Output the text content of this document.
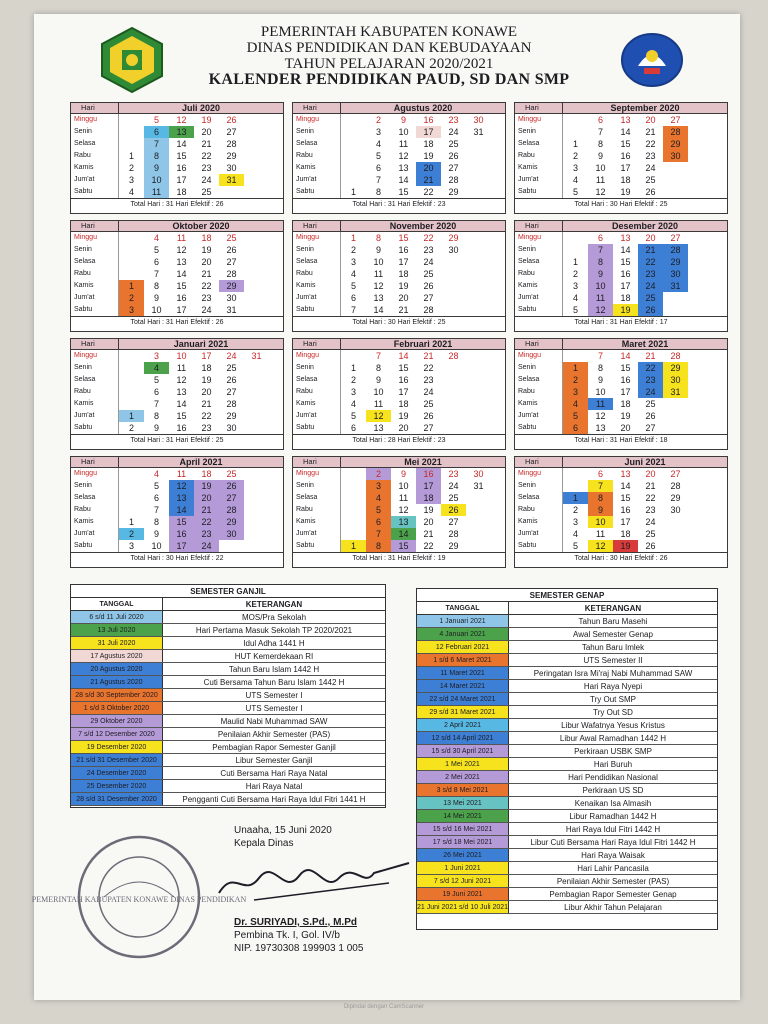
PEMERINTAH KABUPATEN KONAWE
DINAS PENDIDIKAN DAN KEBUDAYAAN
TAHUN PELAJARAN 2020/2021
KALENDER PENDIDIKAN PAUD, SD DAN SMP
Hari	Juli 2020
Minggu	5	12	19	26
Senin	6	13	20	27
Selasa	7	14	21	28
Rabu	1	8	15	22	29
Kamis	2	9	16	23	30
Jum'at	3	10	17	24	31
Sabtu	4	11	18	25
Total Hari : 31 Hari Efektif : 26
Hari	Agustus 2020
Minggu	2	9	16	23	30
Senin	3	10	17	24	31
Selasa	4	11	18	25
Rabu	5	12	19	26
Kamis	6	13	20	27
Jum'at	7	14	21	28
Sabtu	1	8	15	22	29
Total Hari : 31 Hari Efektif : 23
Hari	September 2020
Minggu	6	13	20	27
Senin	7	14	21	28
Selasa	1	8	15	22	29
Rabu	2	9	16	23	30
Kamis	3	10	17	24
Jum'at	4	11	18	25
Sabtu	5	12	19	26
Total Hari : 30 Hari Efektif : 25
Hari	Oktober 2020
Minggu	4	11	18	25
Senin	5	12	19	26
Selasa	6	13	20	27
Rabu	7	14	21	28
Kamis	1	8	15	22	29
Jum'at	2	9	16	23	30
Sabtu	3	10	17	24	31
Total Hari : 31 Hari Efektif : 26
Hari	November 2020
Minggu	1	8	15	22	29
Senin	2	9	16	23	30
Selasa	3	10	17	24
Rabu	4	11	18	25
Kamis	5	12	19	26
Jum'at	6	13	20	27
Sabtu	7	14	21	28
Total Hari : 30 Hari Efektif : 25
Hari	Desember 2020
Minggu	6	13	20	27
Senin	7	14	21	28
Selasa	1	8	15	22	29
Rabu	2	9	16	23	30
Kamis	3	10	17	24	31
Jum'at	4	11	18	25
Sabtu	5	12	19	26
Total Hari : 31 Hari Efektif : 17
Hari	Januari 2021
Minggu	3	10	17	24	31
Senin	4	11	18	25
Selasa	5	12	19	26
Rabu	6	13	20	27
Kamis	7	14	21	28
Jum'at	1	8	15	22	29
Sabtu	2	9	16	23	30
Total Hari : 31 Hari Efektif : 25
Hari	Februari 2021
Minggu	7	14	21	28
Senin	1	8	15	22
Selasa	2	9	16	23
Rabu	3	10	17	24
Kamis	4	11	18	25
Jum'at	5	12	19	26
Sabtu	6	13	20	27
Total Hari : 28 Hari Efektif : 23
Hari	Maret 2021
Minggu	7	14	21	28
Senin	1	8	15	22	29
Selasa	2	9	16	23	30
Rabu	3	10	17	24	31
Kamis	4	11	18	25
Jum'at	5	12	19	26
Sabtu	6	13	20	27
Total Hari : 31 Hari Efektif : 18
Hari	April 2021
Minggu	4	11	18	25
Senin	5	12	19	26
Selasa	6	13	20	27
Rabu	7	14	21	28
Kamis	1	8	15	22	29
Jum'at	2	9	16	23	30
Sabtu	3	10	17	24
Total Hari : 30 Hari Efektif : 22
Hari	Mei 2021
Minggu	2	9	16	23	30
Senin	3	10	17	24	31
Selasa	4	11	18	25
Rabu	5	12	19	26
Kamis	6	13	20	27
Jum'at	7	14	21	28
Sabtu	1	8	15	22	29
Total Hari : 31 Hari Efektif : 19
Hari	Juni 2021
Minggu	6	13	20	27
Senin	7	14	21	28
Selasa	1	8	15	22	29
Rabu	2	9	16	23	30
Kamis	3	10	17	24
Jum'at	4	11	18	25
Sabtu	5	12	19	26
Total Hari : 30 Hari Efektif : 26
SEMESTER GANJIL
TANGGAL	KETERANGAN
6 s/d 11 Juli 2020	MOS/Pra Sekolah
13 Juli 2020	Hari Pertama Masuk Sekolah TP 2020/2021
31 Juli 2020	Idul Adha 1441 H
17 Agustus 2020	HUT Kemerdekaan RI
20 Agustus 2020	Tahun Baru Islam 1442 H
21 Agustus 2020	Cuti Bersama Tahun Baru Islam 1442 H
28 s/d 30 September 2020	UTS Semester I
1 s/d 3 Oktober 2020	UTS Semester I
29 Oktober 2020	Maulid Nabi Muhammad SAW
7 s/d 12 Desember 2020	Penilaian Akhir Semester (PAS)
19 Desember 2020	Pembagian Rapor Semester Ganjil
21 s/d 31 Desember 2020	Libur Semester Ganjil
24 Desember 2020	Cuti Bersama Hari Raya Natal
25 Desember 2020	Hari Raya Natal
28 s/d 31 Desember 2020	Pengganti Cuti Bersama Hari Raya Idul Fitri 1441 H
SEMESTER GENAP
TANGGAL	KETERANGAN
1 Januari 2021	Tahun Baru Masehi
4 Januari 2021	Awal Semester Genap
12 Februari 2021	Tahun Baru Imlek
1 s/d 6 Maret 2021	UTS Semester II
11 Maret 2021	Peringatan Isra Mi'raj Nabi Muhammad SAW
14 Maret 2021	Hari Raya Nyepi
22 s/d 24 Maret 2021	Try Out SMP
29 s/d 31 Maret 2021	Try Out SD
2 April 2021	Libur Wafatnya Yesus Kristus
12 s/d 14 April 2021	Libur Awal Ramadhan 1442 H
15 s/d 30 April 2021	Perkiraan USBK SMP
1 Mei 2021	Hari Buruh
2 Mei 2021	Hari Pendidikan Nasional
3 s/d 8 Mei 2021	Perkiraan US SD
13 Mei 2021	Kenaikan Isa Almasih
14 Mei 2021	Libur Ramadhan 1442 H
15 s/d 16 Mei 2021	Hari Raya Idul Fitri 1442 H
17 s/d 18 Mei 2021	Libur Cuti Bersama Hari Raya Idul Fitri 1442 H
26 Mei 2021	Hari Raya Waisak
1 Juni 2021	Hari Lahir Pancasila
7 s/d 12 Juni 2021	Penilaian Akhir Semester (PAS)
19 Juni 2021	Pembagian Rapor Semester Genap
21 Juni 2021 s/d 10 Juli 2021	Libur Akhir Tahun Pelajaran
PEMERINTAH KABUPATEN KONAWE DINAS PENDIDIKAN
Unaaha, 15 Juni 2020
Kepala Dinas
Dr. SURIYADI, S.Pd., M.Pd
Pembina Tk. I, Gol. IV/b
NIP. 19730308 199903 1 005
Dipindai dengan CamScanner
